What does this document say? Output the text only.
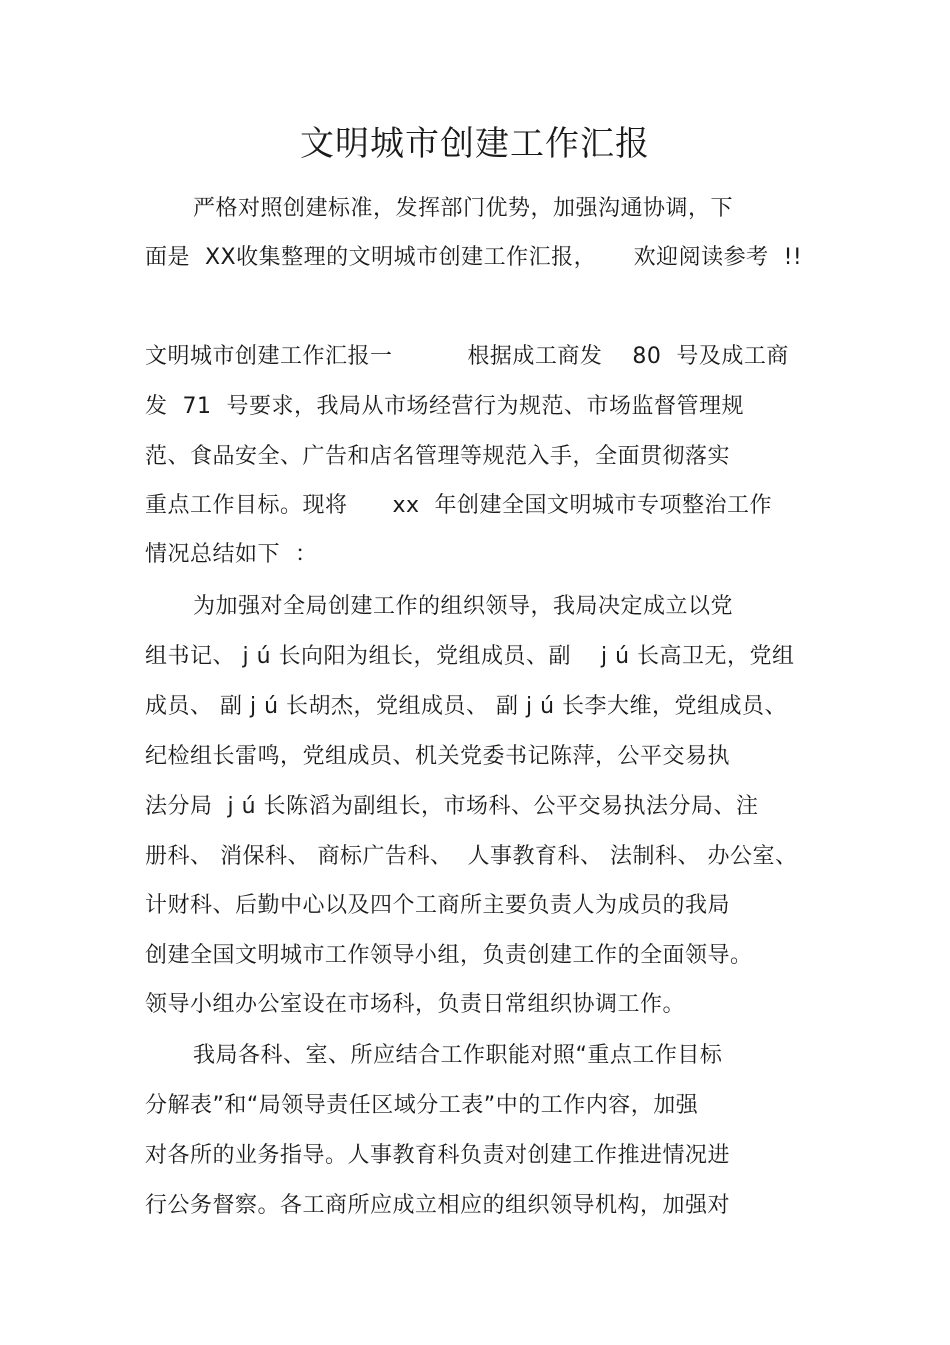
文明城市创建工作汇报
严格对照创建标准，发挥部门优势，加强沟通协调，下
面是  XX收集整理的文明城市创建工作汇报，     欢迎阅读参考  !!
文明城市创建工作汇报一          根据成工商发    80  号及成工商
发  71  号要求，我局从市场经营行为规范、市场监督管理规
范、食品安全、广告和店名管理等规范入手，全面贯彻落实
重点工作目标。现将      xx  年创建全国文明城市专项整治工作
情况总结如下  ：
为加强对全局创建工作的组织领导，我局决定成立以党
组书记、 j ú 长向阳为组长，党组成员、副    j ú 长高卫无，党组
成员、 副 j ú 长胡杰，党组成员、 副 j ú 长李大维，党组成员、
纪检组长雷鸣，党组成员、机关党委书记陈萍，公平交易执
法分局  j ú 长陈滔为副组长，市场科、公平交易执法分局、注
册科、 消保科、 商标广告科、  人事教育科、 法制科、 办公室、
计财科、后勤中心以及四个工商所主要负责人为成员的我局
创建全国文明城市工作领导小组，负责创建工作的全面领导。
领导小组办公室设在市场科，负责日常组织协调工作。
我局各科、室、所应结合工作职能对照“重点工作目标
分解表”和“局领导责任区域分工表”中的工作内容，加强
对各所的业务指导。人事教育科负责对创建工作推进情况进
行公务督察。各工商所应成立相应的组织领导机构，加强对
